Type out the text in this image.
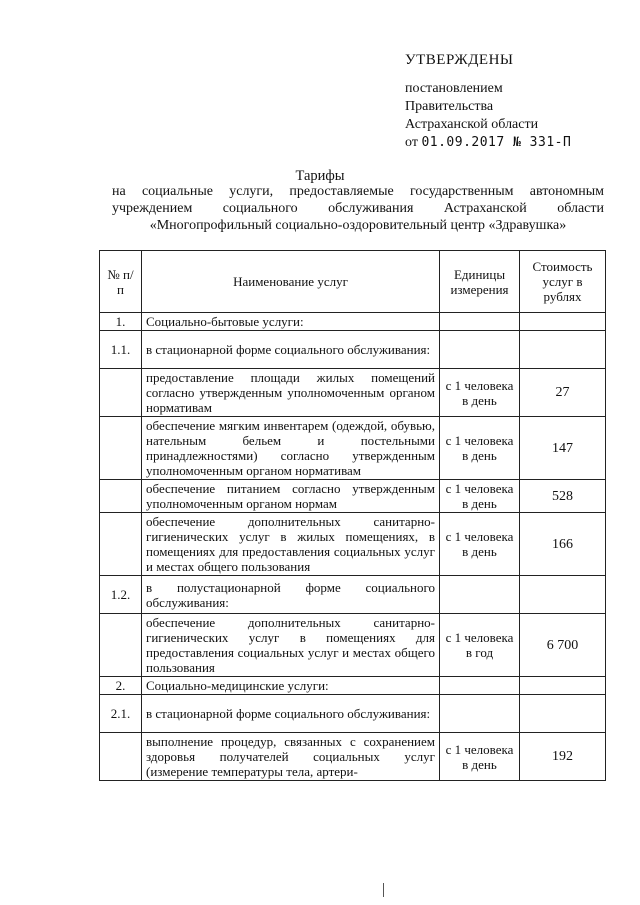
УТВЕРЖДЕНЫ
постановлением
Правительства
Астраханской области
от 01.09.2017 № 331-П
Тарифы
на социальные услуги, предоставляемые государственным автономным учреждением социального обслуживания Астраханской области «Многопрофильный социально-оздоровительный центр «Здравушка»
№ п/п	Наименование услуг	Единицы измерения	Стоимость услуг в рублях
1.	Социально-бытовые услуги:		
1.1.	в стационарной форме социального обслуживания:		
	предоставление площади жилых помещений согласно утвержденным уполномоченным органом нормативам	с 1 человека в день	27
	обеспечение мягким инвентарем (одеждой, обувью, нательным бельем и постельными принадлежностями) согласно утвержденным уполномоченным органом нормативам	с 1 человека в день	147
	обеспечение питанием согласно утвержденным уполномоченным органом нормам	с 1 человека в день	528
	обеспечение дополнительных санитарно-гигиенических услуг в жилых помещениях, в помещениях для предоставления социальных услуг и местах общего пользования	с 1 человека в день	166
1.2.	в полустационарной форме социального обслуживания:		
	обеспечение дополнительных санитарно-гигиенических услуг в помещениях для предоставления социальных услуг и местах общего пользования	с 1 человека в год	6 700
2.	Социально-медицинские услуги:		
2.1.	в стационарной форме социального обслуживания:		
	выполнение процедур, связанных с сохранением здоровья получателей социальных услуг (измерение температуры тела, артери-	с 1 человека в день	192
